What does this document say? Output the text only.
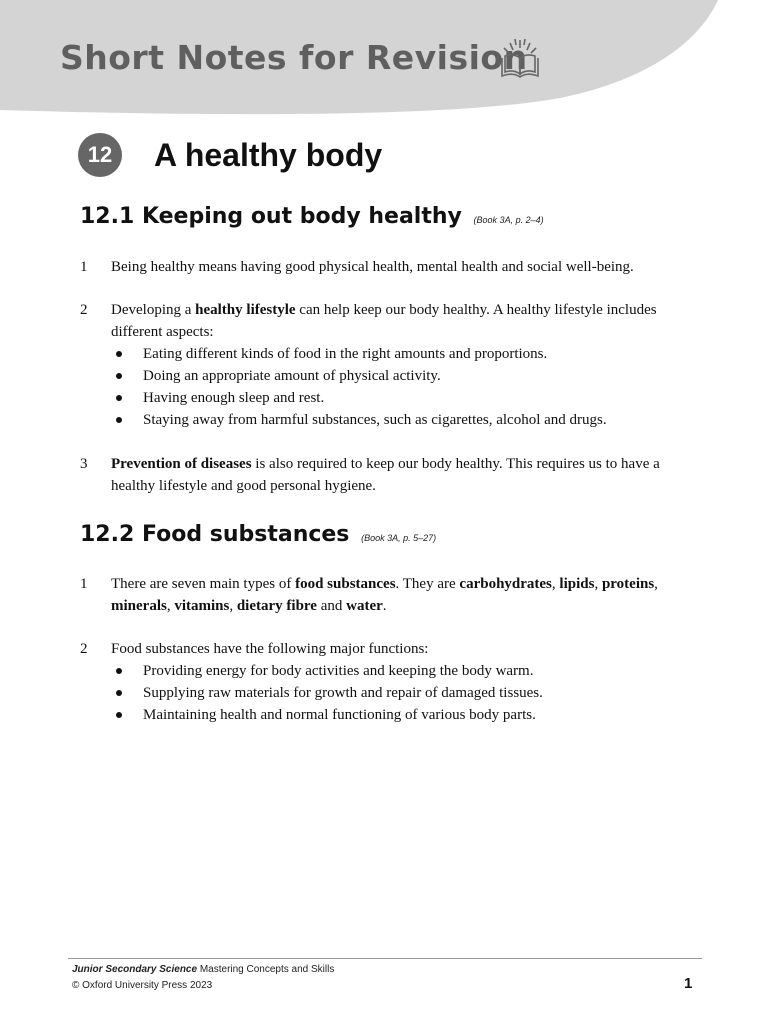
Short Notes for Revision
12	A healthy body
12.1 Keeping out body healthy (Book 3A, p. 2–4)
1	Being healthy means having good physical health, mental health and social well-being.
2	Developing a healthy lifestyle can help keep our body healthy. A healthy lifestyle includes different aspects:
Eating different kinds of food in the right amounts and proportions.
Doing an appropriate amount of physical activity.
Having enough sleep and rest.
Staying away from harmful substances, such as cigarettes, alcohol and drugs.
3	Prevention of diseases is also required to keep our body healthy. This requires us to have a healthy lifestyle and good personal hygiene.
12.2 Food substances (Book 3A, p. 5–27)
1	There are seven main types of food substances. They are carbohydrates, lipids, proteins, minerals, vitamins, dietary fibre and water.
2	Food substances have the following major functions:
Providing energy for body activities and keeping the body warm.
Supplying raw materials for growth and repair of damaged tissues.
Maintaining health and normal functioning of various body parts.
Junior Secondary Science Mastering Concepts and Skills
© Oxford University Press 2023	1
